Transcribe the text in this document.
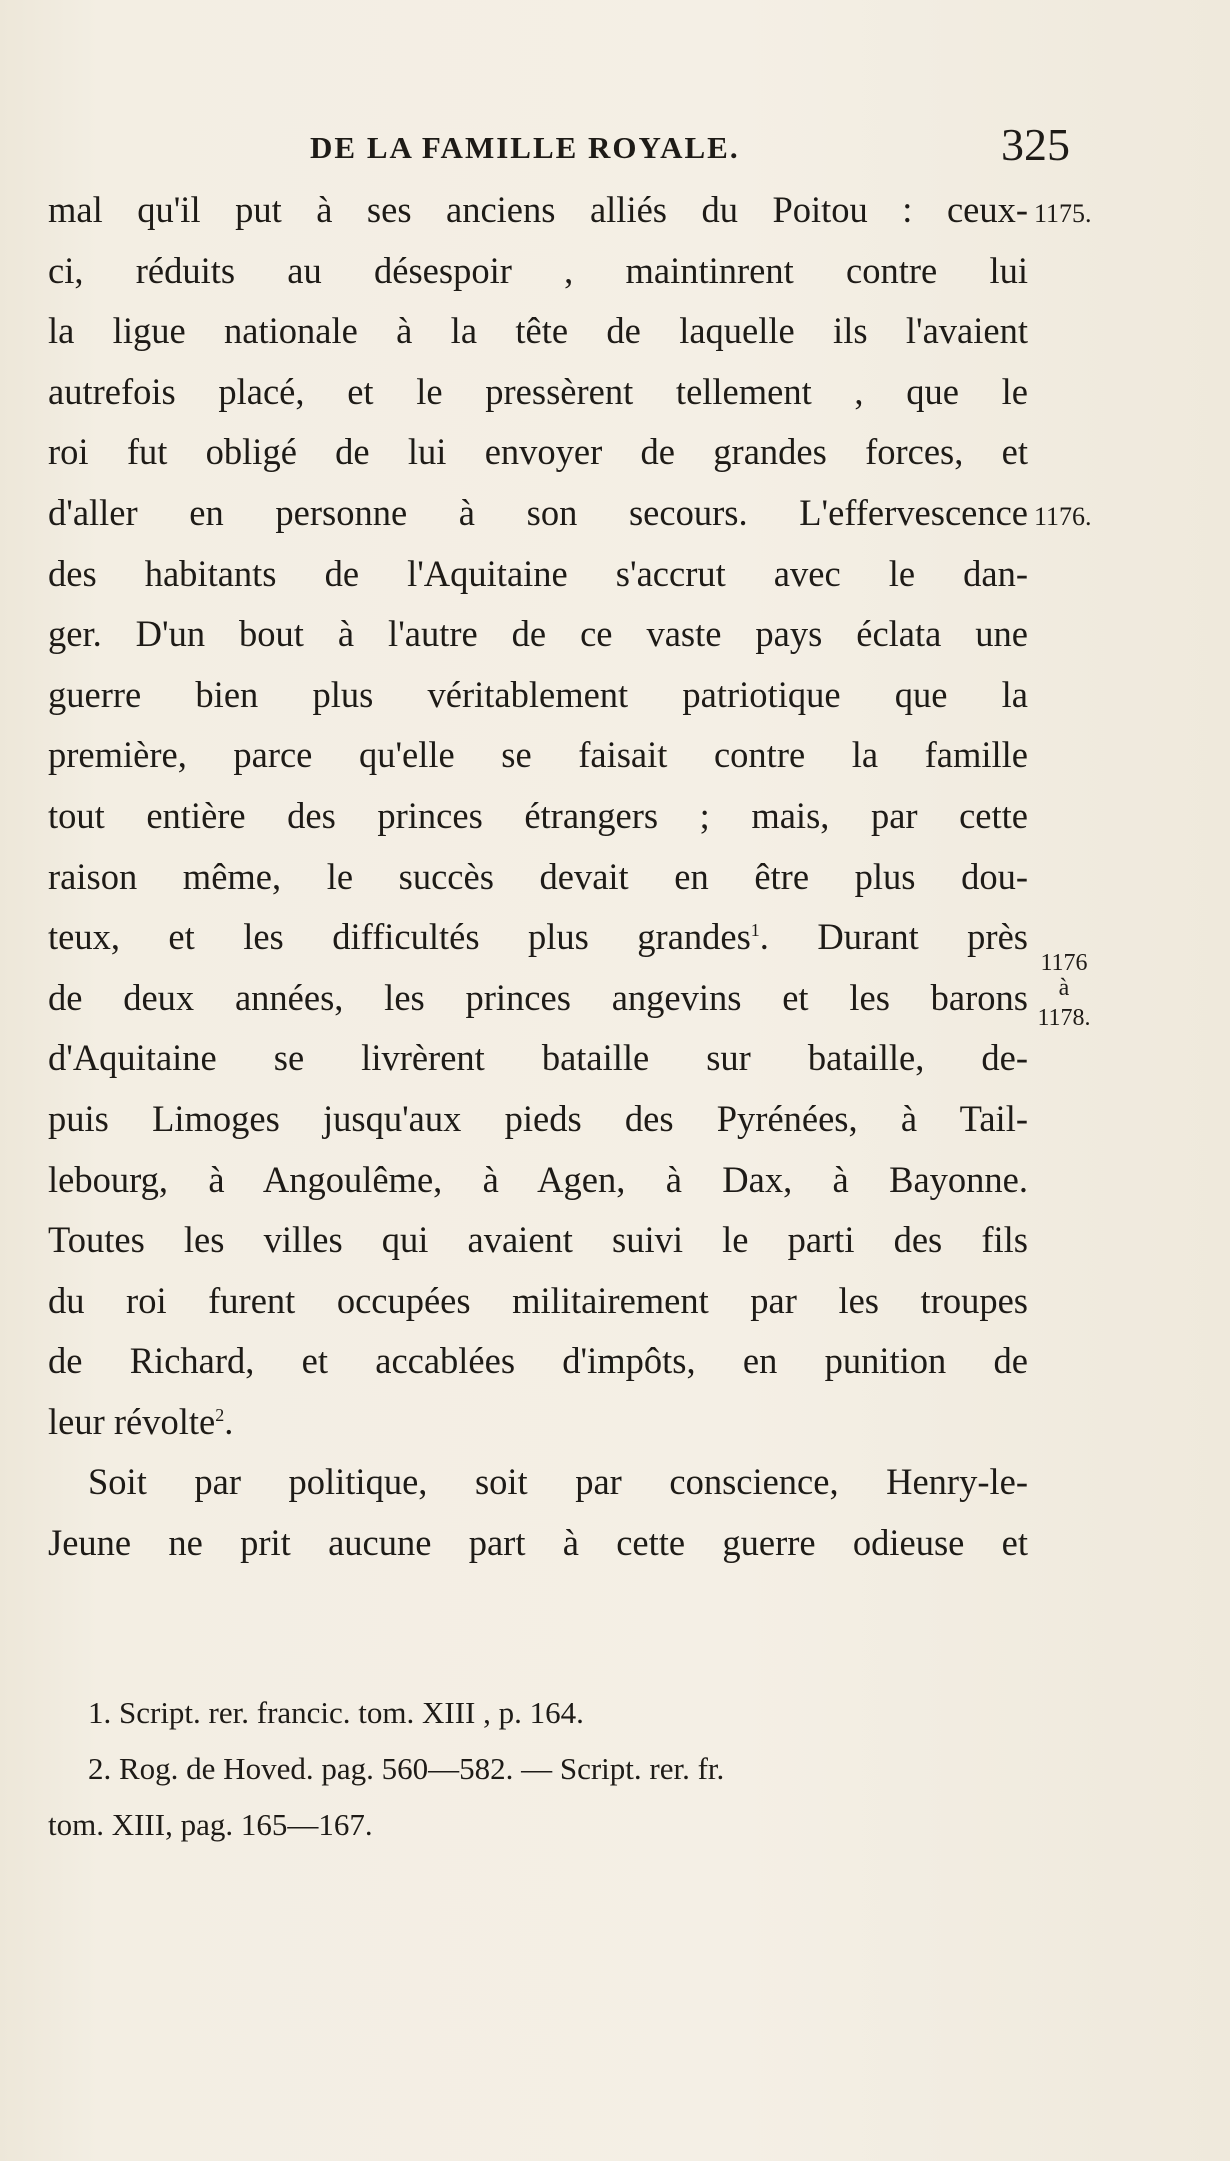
DE LA FAMILLE ROYALE.	325
mal qu'il put à ses anciens alliés du Poitou : ceux-
ci, réduits au désespoir , maintinrent contre lui
la ligue nationale à la tête de laquelle ils l'avaient
autrefois placé, et le pressèrent tellement , que le
roi fut obligé de lui envoyer de grandes forces, et
d'aller en personne à son secours. L'effervescence
des habitants de l'Aquitaine s'accrut avec le dan-
ger. D'un bout à l'autre de ce vaste pays éclata une
guerre bien plus véritablement patriotique que la
première, parce qu'elle se faisait contre la famille
tout entière des princes étrangers ; mais, par cette
raison même, le succès devait en être plus dou-
teux, et les difficultés plus grandes$^1$. Durant près
de deux années, les princes angevins et les barons
d'Aquitaine se livrèrent bataille sur bataille, de-
puis Limoges jusqu'aux pieds des Pyrénées, à Tail-
lebourg, à Angoulême, à Agen, à Dax, à Bayonne.
Toutes les villes qui avaient suivi le parti des fils
du roi furent occupées militairement par les troupes
de Richard, et accablées d'impôts, en punition de
leur révolte$^2$.
Soit par politique, soit par conscience, Henry-le-
Jeune ne prit aucune part à cette guerre odieuse et
1175.
1176.
1176
à
1178.
1. Script. rer. francic. tom. XIII , p. 164.
2. Rog. de Hoved. pag. 560—582. — Script. rer. fr.
tom. XIII, pag. 165—167.
